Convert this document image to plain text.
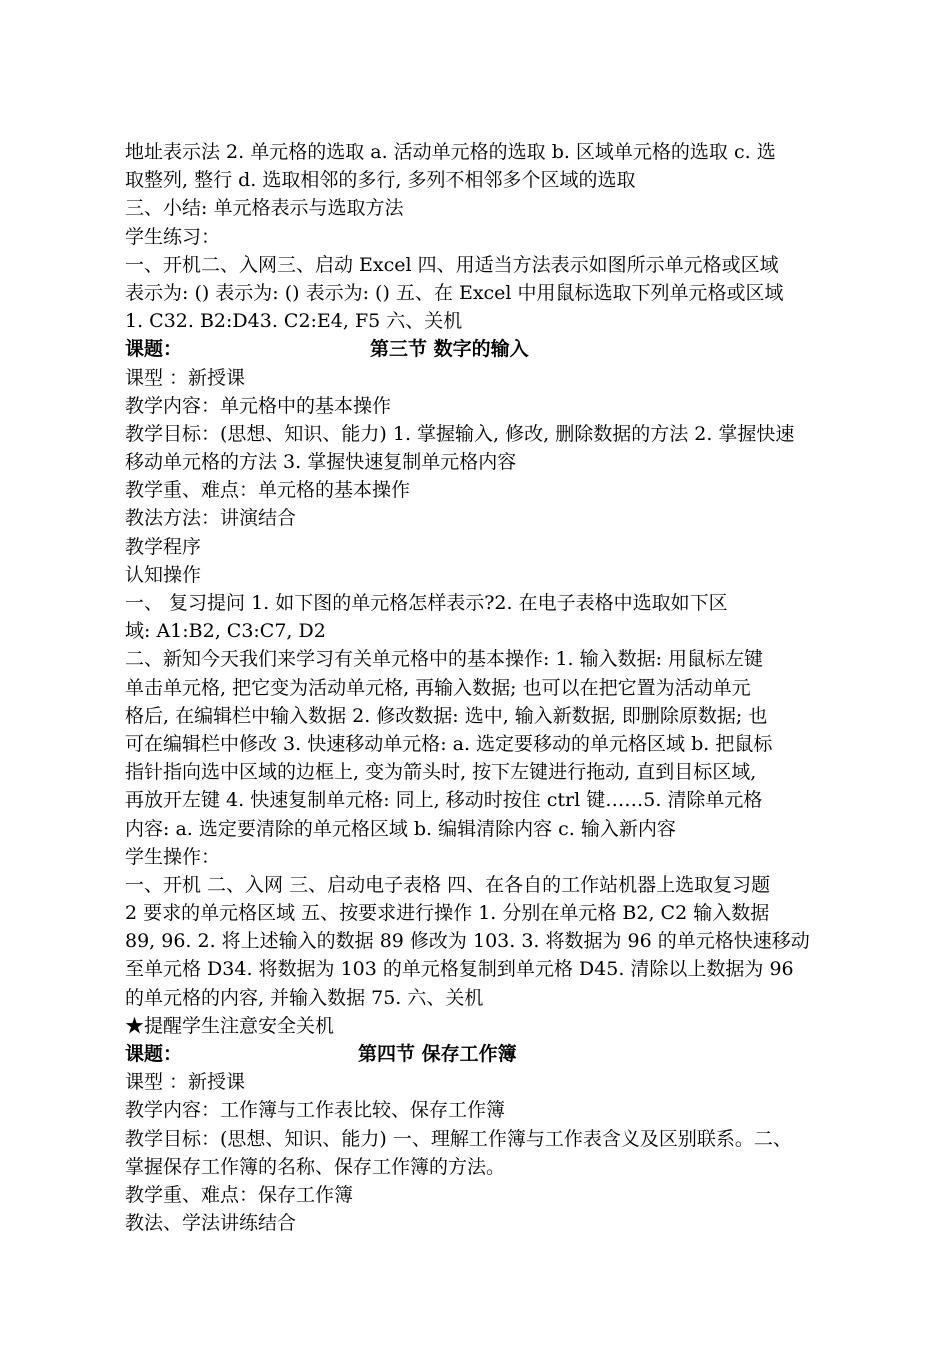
地址表示法 2. 单元格的选取 a. 活动单元格的选取 b. 区域单元格的选取 c. 选
取整列, 整行 d. 选取相邻的多行, 多列不相邻多个区域的选取
三、小结: 单元格表示与选取方法
学生练习：
一、开机二、入网三、启动 Excel 四、用适当方法表示如图所示单元格或区域
表示为: () 表示为: () 表示为: () 五、在 Excel 中用鼠标选取下列单元格或区域
1. C32. B2:D43. C2:E4, F5 六、关机
课题：	第三节 数字的输入
课型 ：新授课
教学内容：单元格中的基本操作
教学目标：(思想、知识、能力) 1. 掌握输入, 修改, 删除数据的方法 2. 掌握快速
移动单元格的方法 3. 掌握快速复制单元格内容
教学重、难点：单元格的基本操作
教法方法：讲演结合
教学程序
认知操作
一、 复习提问 1. 如下图的单元格怎样表示?2. 在电子表格中选取如下区
域: A1:B2, C3:C7, D2
二、新知今天我们来学习有关单元格中的基本操作: 1. 输入数据: 用鼠标左键
单击单元格, 把它变为活动单元格, 再输入数据; 也可以在把它置为活动单元
格后, 在编辑栏中输入数据 2. 修改数据: 选中, 输入新数据, 即删除原数据; 也
可在编辑栏中修改 3. 快速移动单元格: a. 选定要移动的单元格区域 b. 把鼠标
指针指向选中区域的边框上, 变为箭头时, 按下左键进行拖动, 直到目标区域,
再放开左键 4. 快速复制单元格: 同上, 移动时按住 ctrl 键……5. 清除单元格
内容: a. 选定要清除的单元格区域 b. 编辑清除内容 c. 输入新内容
学生操作：
一、开机 二、入网 三、启动电子表格 四、在各自的工作站机器上选取复习题
2 要求的单元格区域 五、按要求进行操作 1. 分别在单元格 B2, C2 输入数据
89, 96. 2. 将上述输入的数据 89 修改为 103. 3. 将数据为 96 的单元格快速移动
至单元格 D34. 将数据为 103 的单元格复制到单元格 D45. 清除以上数据为 96
的单元格的内容, 并输入数据 75. 六、关机
★提醒学生注意安全关机
课题：	第四节 保存工作簿
课型 ：新授课
教学内容：工作簿与工作表比较、保存工作簿
教学目标：(思想、知识、能力) 一、理解工作簿与工作表含义及区别联系。二、
掌握保存工作簿的名称、保存工作簿的方法。
教学重、难点：保存工作簿
教法、学法讲练结合
